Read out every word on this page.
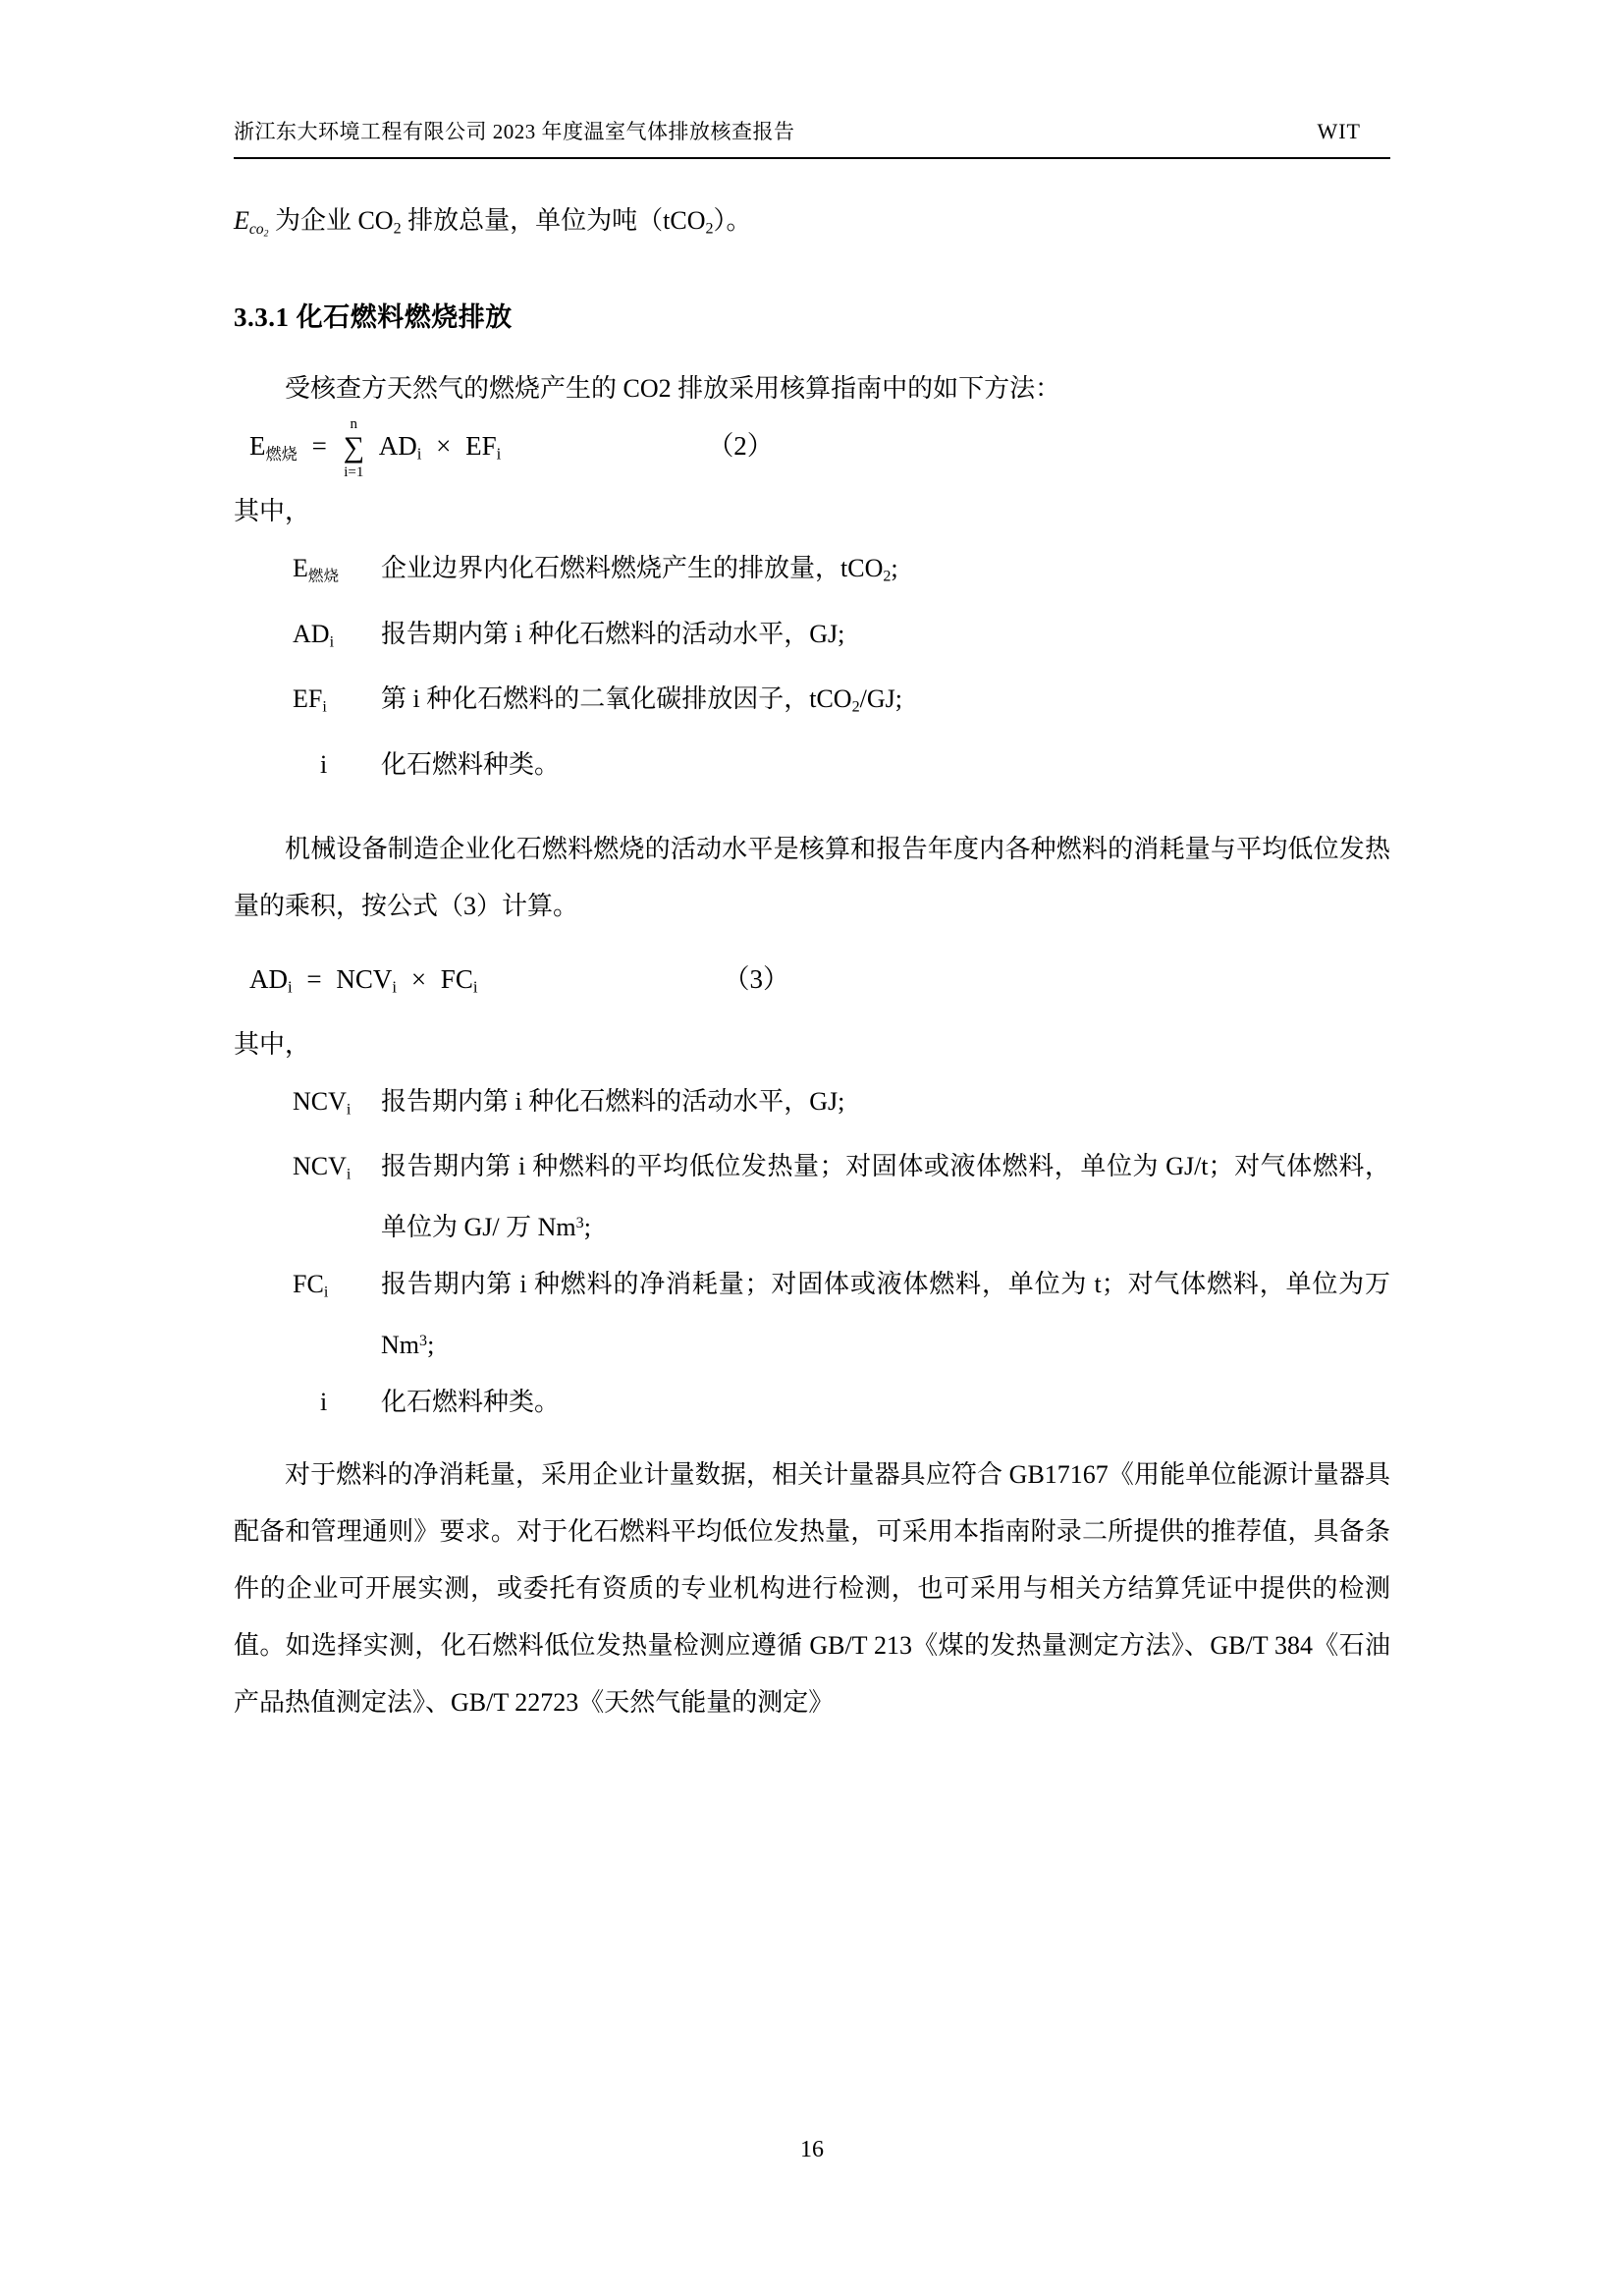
浙江东大环境工程有限公司 2023 年度温室气体排放核查报告	WIT
Eco$_2$ 为企业 $CO_2$ 排放总量，单位为吨（tCO$_2$）。
3.3.1 化石燃料燃烧排放
受核查方天然气的燃烧产生的 CO2 排放采用核算指南中的如下方法：
E燃烧 = ∑
n
i=1
$AD_i \times EF_i$	（2）
其中，
E燃烧	企业边界内化石燃料燃烧产生的排放量，tCO$_2$;
$AD_i$	报告期内第 i 种化石燃料的活动水平，GJ;
$EF_i$	第 i 种化石燃料的二氧化碳排放因子，tCO$_2$/GJ;
i	化石燃料种类。
机械设备制造企业化石燃料燃烧的活动水平是核算和报告年度内各种燃料的消耗量与平均低位发热量的乘积，按公式（3）计算。
$AD_i = NCV_i \times FC_i$	（3）
其中，
$NCV_i$	报告期内第 i 种化石燃料的活动水平，GJ;
$NCV_i$	报告期内第 i 种燃料的平均低位发热量；对固体或液体燃料，单位为 GJ/t；对气体燃料，单位为 GJ/ 万 Nm$^3$;
$FC_i$	报告期内第 i 种燃料的净消耗量；对固体或液体燃料，单位为 t；对气体燃料，单位为万 Nm$^3$;
i	化石燃料种类。
对于燃料的净消耗量，采用企业计量数据，相关计量器具应符合 GB17167《用能单位能源计量器具配备和管理通则》要求。对于化石燃料平均低位发热量，可采用本指南附录二所提供的推荐值，具备条件的企业可开展实测，或委托有资质的专业机构进行检测，也可采用与相关方结算凭证中提供的检测值。如选择实测，化石燃料低位发热量检测应遵循 GB/T 213《煤的发热量测定方法》、GB/T 384《石油产品热值测定法》、GB/T 22723《天然气能量的测定》
16
